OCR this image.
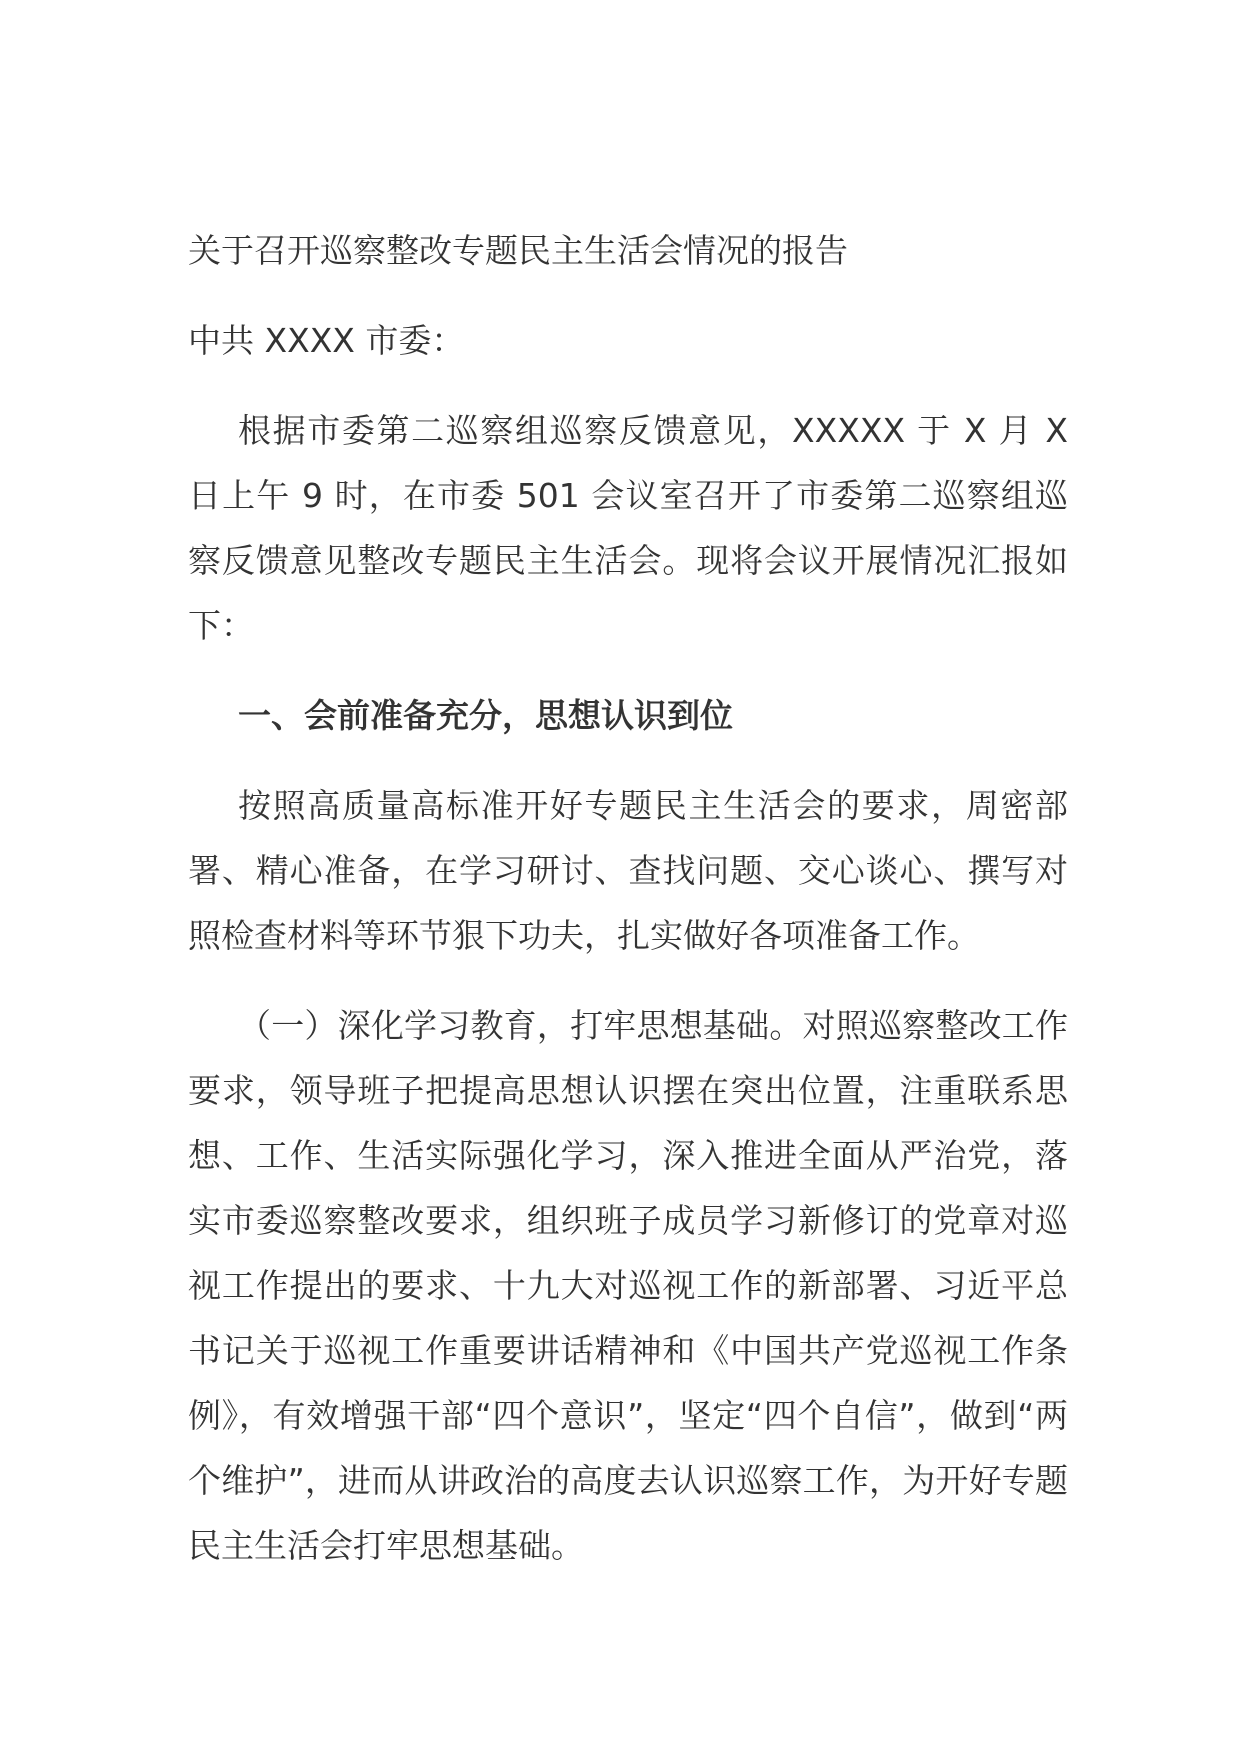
关于召开巡察整改专题民主生活会情况的报告

中共 XXXX 市委：

根据市委第二巡察组巡察反馈意见，XXXXX 于 X 月 X 日上午 9 时，在市委 501 会议室召开了市委第二巡察组巡察反馈意见整改专题民主生活会。现将会议开展情况汇报如下：

一、会前准备充分，思想认识到位

按照高质量高标准开好专题民主生活会的要求，周密部署、精心准备，在学习研讨、查找问题、交心谈心、撰写对照检查材料等环节狠下功夫，扎实做好各项准备工作。

（一）深化学习教育，打牢思想基础。对照巡察整改工作要求，领导班子把提高思想认识摆在突出位置，注重联系思想、工作、生活实际强化学习，深入推进全面从严治党，落实市委巡察整改要求，组织班子成员学习新修订的党章对巡视工作提出的要求、十九大对巡视工作的新部署、习近平总书记关于巡视工作重要讲话精神和《中国共产党巡视工作条例》，有效增强干部“四个意识”，坚定“四个自信”，做到“两个维护”，进而从讲政治的高度去认识巡察工作，为开好专题民主生活会打牢思想基础。
